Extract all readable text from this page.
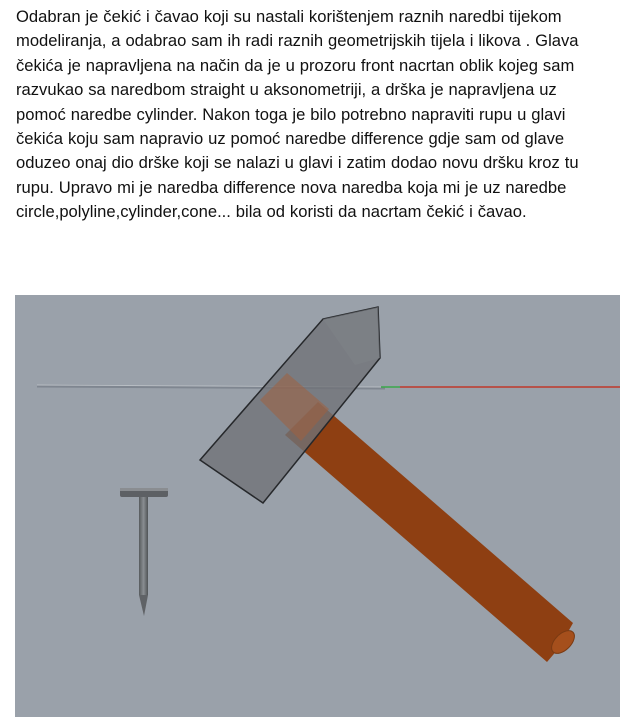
Odabran je čekić i čavao koji su nastali korištenjem raznih naredbi tijekom
modeliranja, a odabrao sam ih radi raznih geometrijskih tijela i likova . Glava
čekića je napravljena na način da je u prozoru front nacrtan oblik kojeg sam
razvukao sa naredbom straight u aksonometriji, a drška je napravljena uz
pomoć naredbe cylinder. Nakon toga je bilo potrebno napraviti rupu u glavi
čekića koju sam napravio uz pomoć naredbe difference gdje sam od glave
oduzeo onaj dio drške koji se nalazi u glavi i zatim dodao novu dršku kroz tu
rupu. Upravo mi je naredba difference nova naredba koja mi je uz naredbe
circle,polyline,cylinder,cone... bila od koristi da nacrtam čekić i čavao.
